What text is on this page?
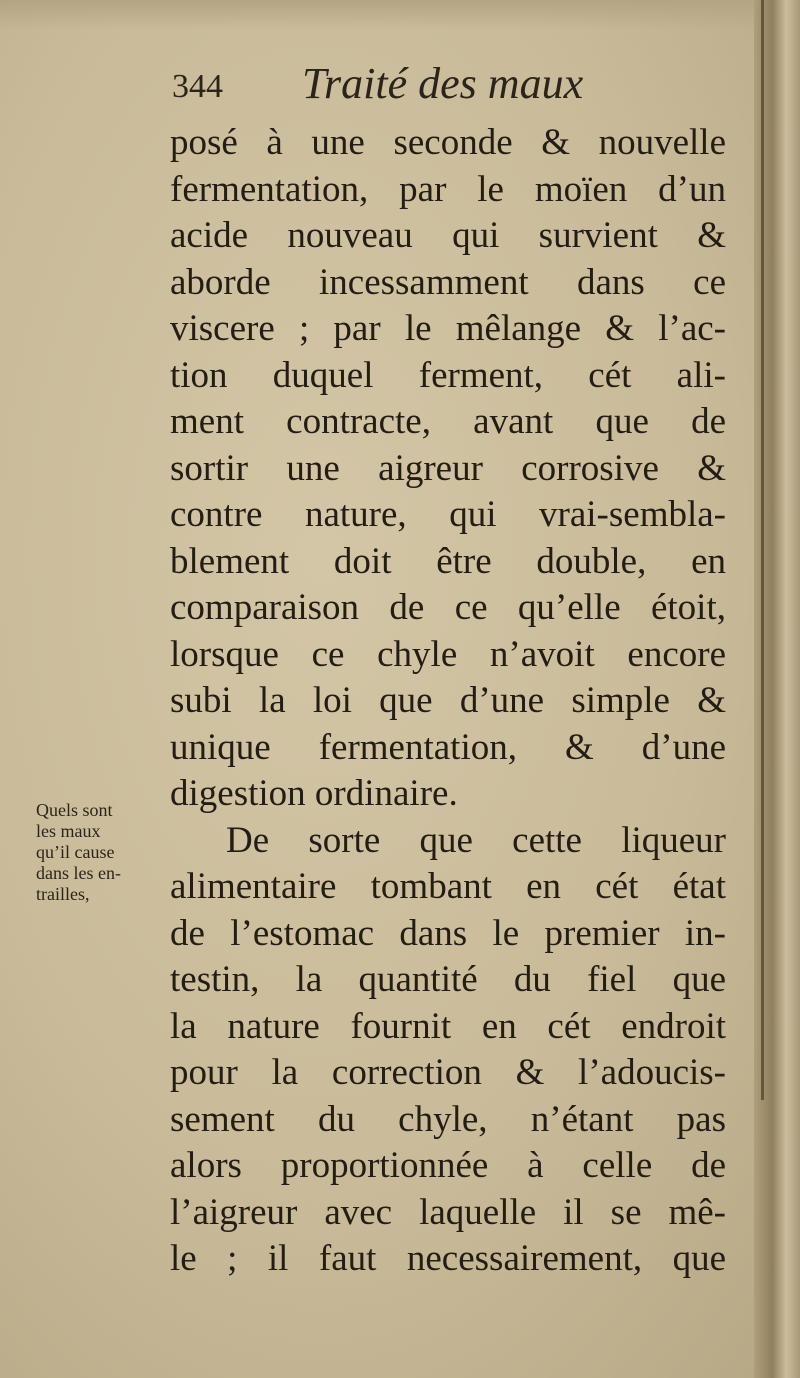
344 Traité des maux
posé à une seconde & nouvelle
fermentation, par le moïen d’un
acide nouveau qui survient &
aborde incessamment dans ce
viscere ; par le mêlange & l’ac-
tion duquel ferment, cét ali-
ment contracte, avant que de
sortir une aigreur corrosive &
contre nature, qui vrai-sembla-
blement doit être double, en
comparaison de ce qu’elle étoit,
lorsque ce chyle n’avoit encore
subi la loi que d’une simple &
unique fermentation, & d’une
digestion ordinaire.
De sorte que cette liqueur
alimentaire tombant en cét état
de l’estomac dans le premier in-
testin, la quantité du fiel que
la nature fournit en cét endroit
pour la correction & l’adoucis-
sement du chyle, n’étant pas
alors proportionnée à celle de
l’aigreur avec laquelle il se mê-
le ; il faut necessairement, que
Quels sont
les maux
qu’il cause
dans les en-
trailles,
